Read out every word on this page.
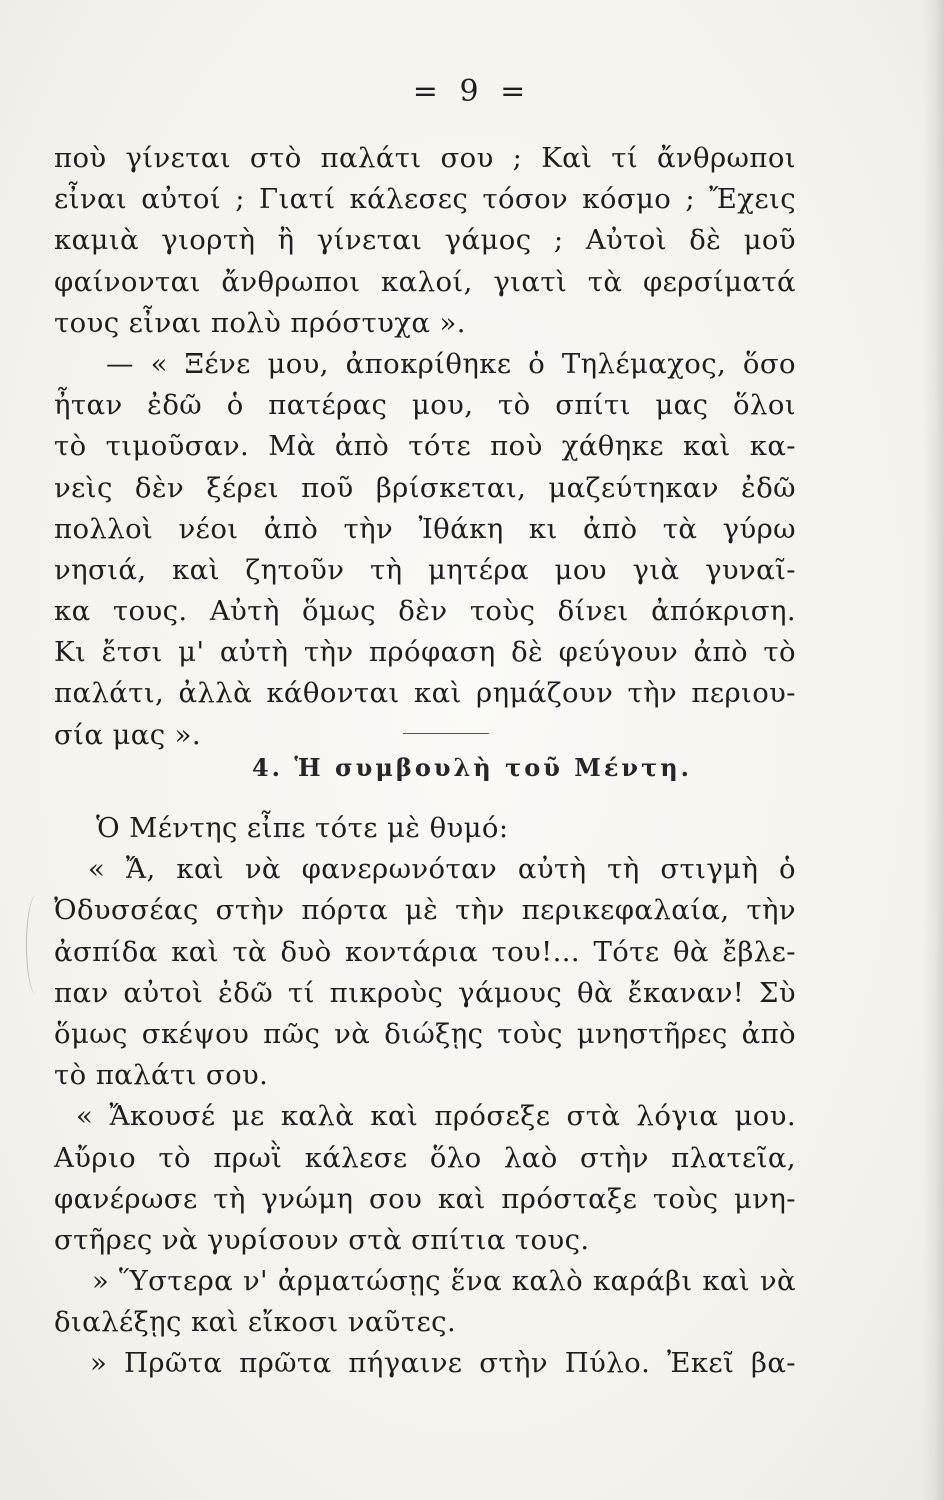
= 9 =
ποὺ γίνεται στὸ παλάτι σου ; Καὶ τί ἄνθρωποι
εἶναι αὐτοί ; Γιατί κάλεσες τόσον κόσμο ; Ἔχεις
καμιὰ γιορτὴ ἢ γίνεται γάμος ; Αὐτοὶ δὲ μοῦ
φαίνονται ἄνθρωποι καλοί, γιατὶ τὰ φερσίματά
τους εἶναι πολὺ πρόστυχα ».
— « Ξένε μου, ἀποκρίθηκε ὁ Τηλέμαχος, ὅσο
ἦταν ἐδῶ ὁ πατέρας μου, τὸ σπίτι μας ὅλοι
τὸ τιμοῦσαν. Μὰ ἀπὸ τότε ποὺ χάθηκε καὶ κα-
νεὶς δὲν ξέρει ποῦ βρίσκεται, μαζεύτηκαν ἐδῶ
πολλοὶ νέοι ἀπὸ τὴν Ἰθάκη κι ἀπὸ τὰ γύρω
νησιά, καὶ ζητοῦν τὴ μητέρα μου γιὰ γυναῖ-
κα τους. Αὐτὴ ὅμως δὲν τοὺς δίνει ἀπόκριση.
Κι ἔτσι μ' αὐτὴ τὴν πρόφαση δὲ φεύγουν ἀπὸ τὸ
παλάτι, ἀλλὰ κάθονται καὶ ρημάζουν τὴν περιου-
σία μας ».
4. Ἡ συμβουλὴ τοῦ Μέντη.
Ὁ Μέντης εἶπε τότε μὲ θυμό:
« Ἄ, καὶ νὰ φανερωνόταν αὐτὴ τὴ στιγμὴ ὁ
Ὀδυσσέας στὴν πόρτα μὲ τὴν περικεφαλαία, τὴν
ἀσπίδα καὶ τὰ δυὸ κοντάρια του!... Τότε θὰ ἔβλε-
παν αὐτοὶ ἐδῶ τί πικροὺς γάμους θὰ ἔκαναν! Σὺ
ὅμως σκέψου πῶς νὰ διώξῃς τοὺς μνηστῆρες ἀπὸ
τὸ παλάτι σου.
« Ἄκουσέ με καλὰ καὶ πρόσεξε στὰ λόγια μου.
Αὔριο τὸ πρωῒ κάλεσε ὅλο λαὸ στὴν πλατεῖα,
φανέρωσε τὴ γνώμη σου καὶ πρόσταξε τοὺς μνη-
στῆρες νὰ γυρίσουν στὰ σπίτια τους.
» Ὕστερα ν' ἀρματώσῃς ἕνα καλὸ καράβι καὶ νὰ
διαλέξῃς καὶ εἴκοσι ναῦτες.
» Πρῶτα πρῶτα πήγαινε στὴν Πύλο. Ἐκεῖ βα-
